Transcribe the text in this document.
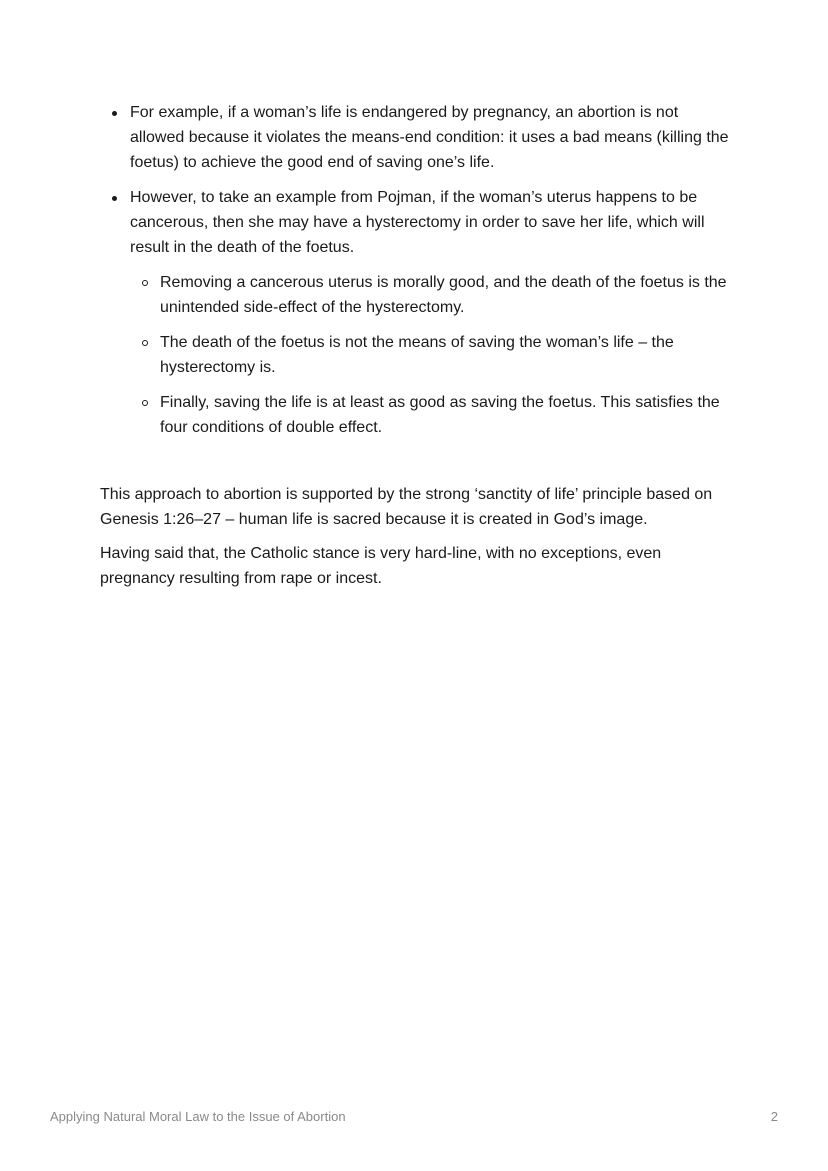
For example, if a woman’s life is endangered by pregnancy, an abortion is not allowed because it violates the means-end condition: it uses a bad means (killing the foetus) to achieve the good end of saving one’s life.
However, to take an example from Pojman, if the woman’s uterus happens to be cancerous, then she may have a hysterectomy in order to save her life, which will result in the death of the foetus.
Removing a cancerous uterus is morally good, and the death of the foetus is the unintended side-effect of the hysterectomy.
The death of the foetus is not the means of saving the woman’s life – the hysterectomy is.
Finally, saving the life is at least as good as saving the foetus. This satisfies the four conditions of double effect.

This approach to abortion is supported by the strong ‘sanctity of life’ principle based on Genesis 1:26–27 – human life is sacred because it is created in God’s image.

Having said that, the Catholic stance is very hard-line, with no exceptions, even pregnancy resulting from rape or incest.

Applying Natural Moral Law to the Issue of Abortion	2
